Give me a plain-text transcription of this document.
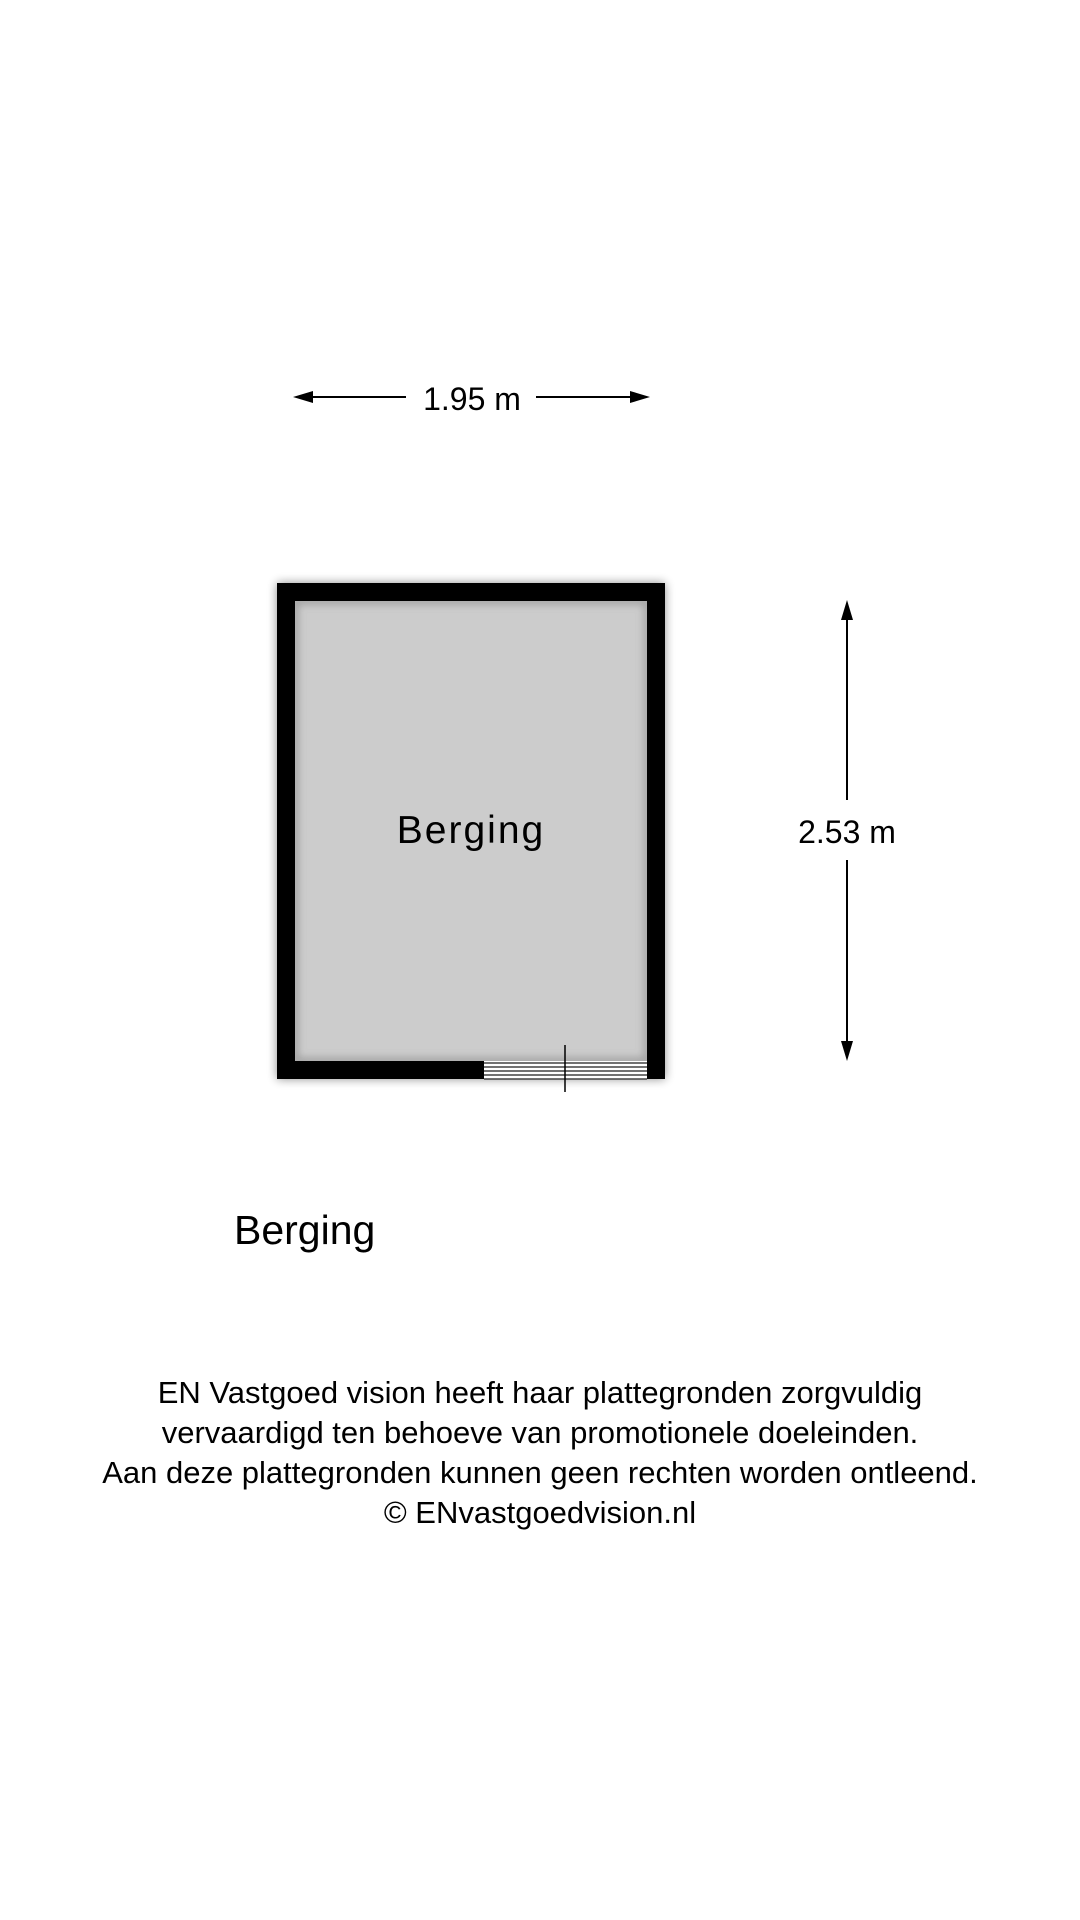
1.95 m
Berging	2.53 m
Berging
EN Vastgoed vision heeft haar plattegronden zorgvuldig
vervaardigd ten behoeve van promotionele doeleinden.
Aan deze plattegronden kunnen geen rechten worden ontleend.
© ENvastgoedvision.nl
